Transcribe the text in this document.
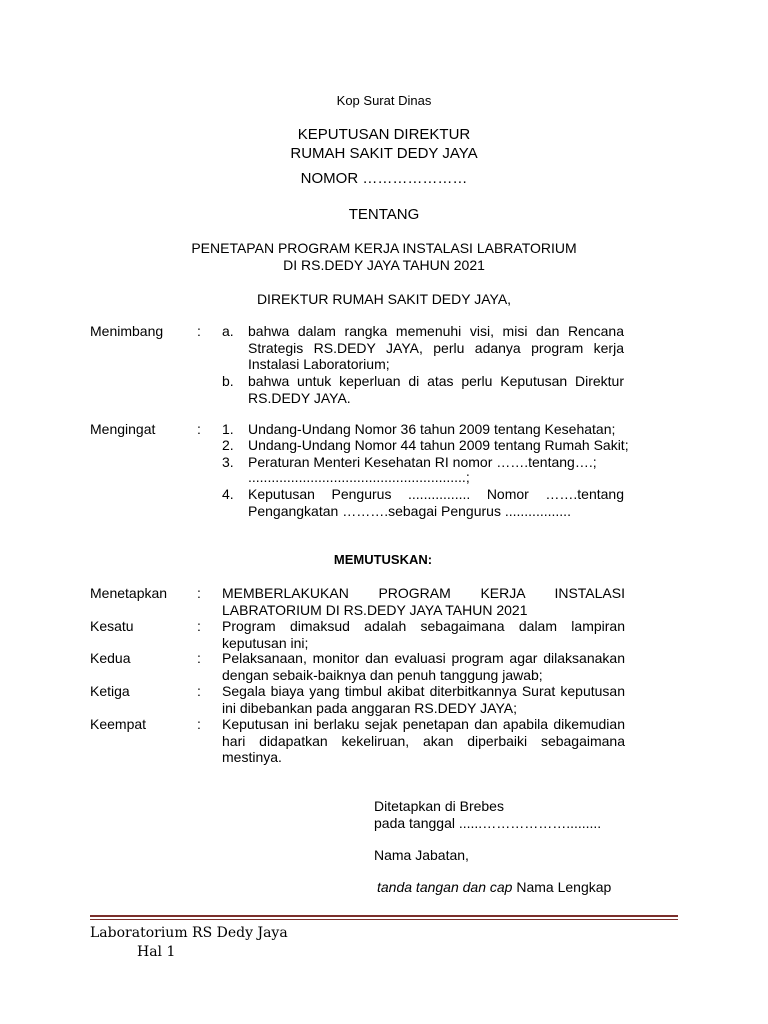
Kop Surat Dinas
KEPUTUSAN DIREKTUR
RUMAH SAKIT DEDY JAYA
NOMOR …………………
TENTANG
PENETAPAN PROGRAM KERJA INSTALASI LABRATORIUM
DI RS.DEDY JAYA TAHUN 2021
DIREKTUR RUMAH SAKIT DEDY JAYA,
Menimbang : a. bahwa dalam rangka memenuhi visi, misi dan Rencana
Strategis RS.DEDY JAYA, perlu adanya program kerja
Instalasi Laboratorium;
b. bahwa untuk keperluan di atas perlu Keputusan Direktur
RS.DEDY JAYA.
Mengingat	: 1. Undang-Undang Nomor 36 tahun 2009 tentang Kesehatan;
2. Undang-Undang Nomor 44 tahun 2009 tentang Rumah Sakit;
3. Peraturan Menteri Kesehatan RI nomor …….tentang….;
........................................................;
4. Keputusan Pengurus ................ Nomor …….tentang
Pengangkatan ……….sebagai Pengurus .................
MEMUTUSKAN:
Menetapkan : MEMBERLAKUKAN PROGRAM KERJA INSTALASI
LABRATORIUM DI RS.DEDY JAYA TAHUN 2021
Kesatu	: Program dimaksud adalah sebagaimana dalam lampiran
keputusan ini;
Kedua	: Pelaksanaan, monitor dan evaluasi program agar dilaksanakan
dengan sebaik-baiknya dan penuh tanggung jawab;
Ketiga	: Segala biaya yang timbul akibat diterbitkannya Surat keputusan
ini dibebankan pada anggaran RS.DEDY JAYA;
Keempat	: Keputusan ini berlaku sejak penetapan dan apabila dikemudian
hari didapatkan kekeliruan, akan diperbaiki sebagaimana
mestinya.
Ditetapkan di Brebes
pada tanggal ......……………….........
Nama Jabatan,
tanda tangan dan cap Nama Lengkap
Laboratorium RS Dedy Jaya
Hal 1
